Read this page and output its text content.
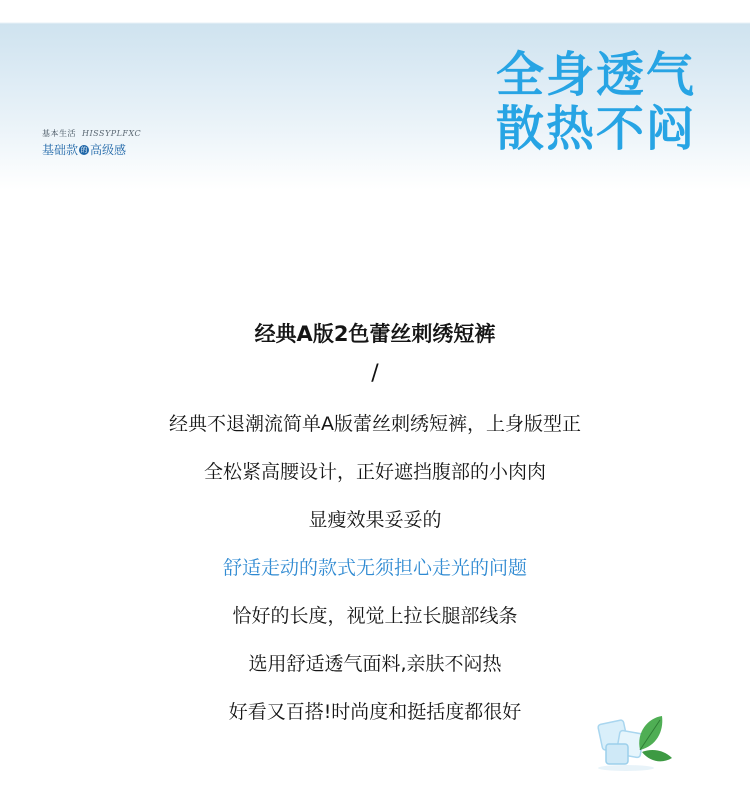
基本生活 HISSYPLFXC
基础款 的 高级感
全身透气
散热不闷
经典A版2色蕾丝刺绣短裤
/
经典不退潮流简单A版蕾丝刺绣短裤，上身版型正
全松紧高腰设计，正好遮挡腹部的小肉肉
显瘦效果妥妥的
舒适走动的款式无须担心走光的问题
恰好的长度，视觉上拉长腿部线条
选用舒适透气面料,亲肤不闷热
好看又百搭!时尚度和挺括度都很好
